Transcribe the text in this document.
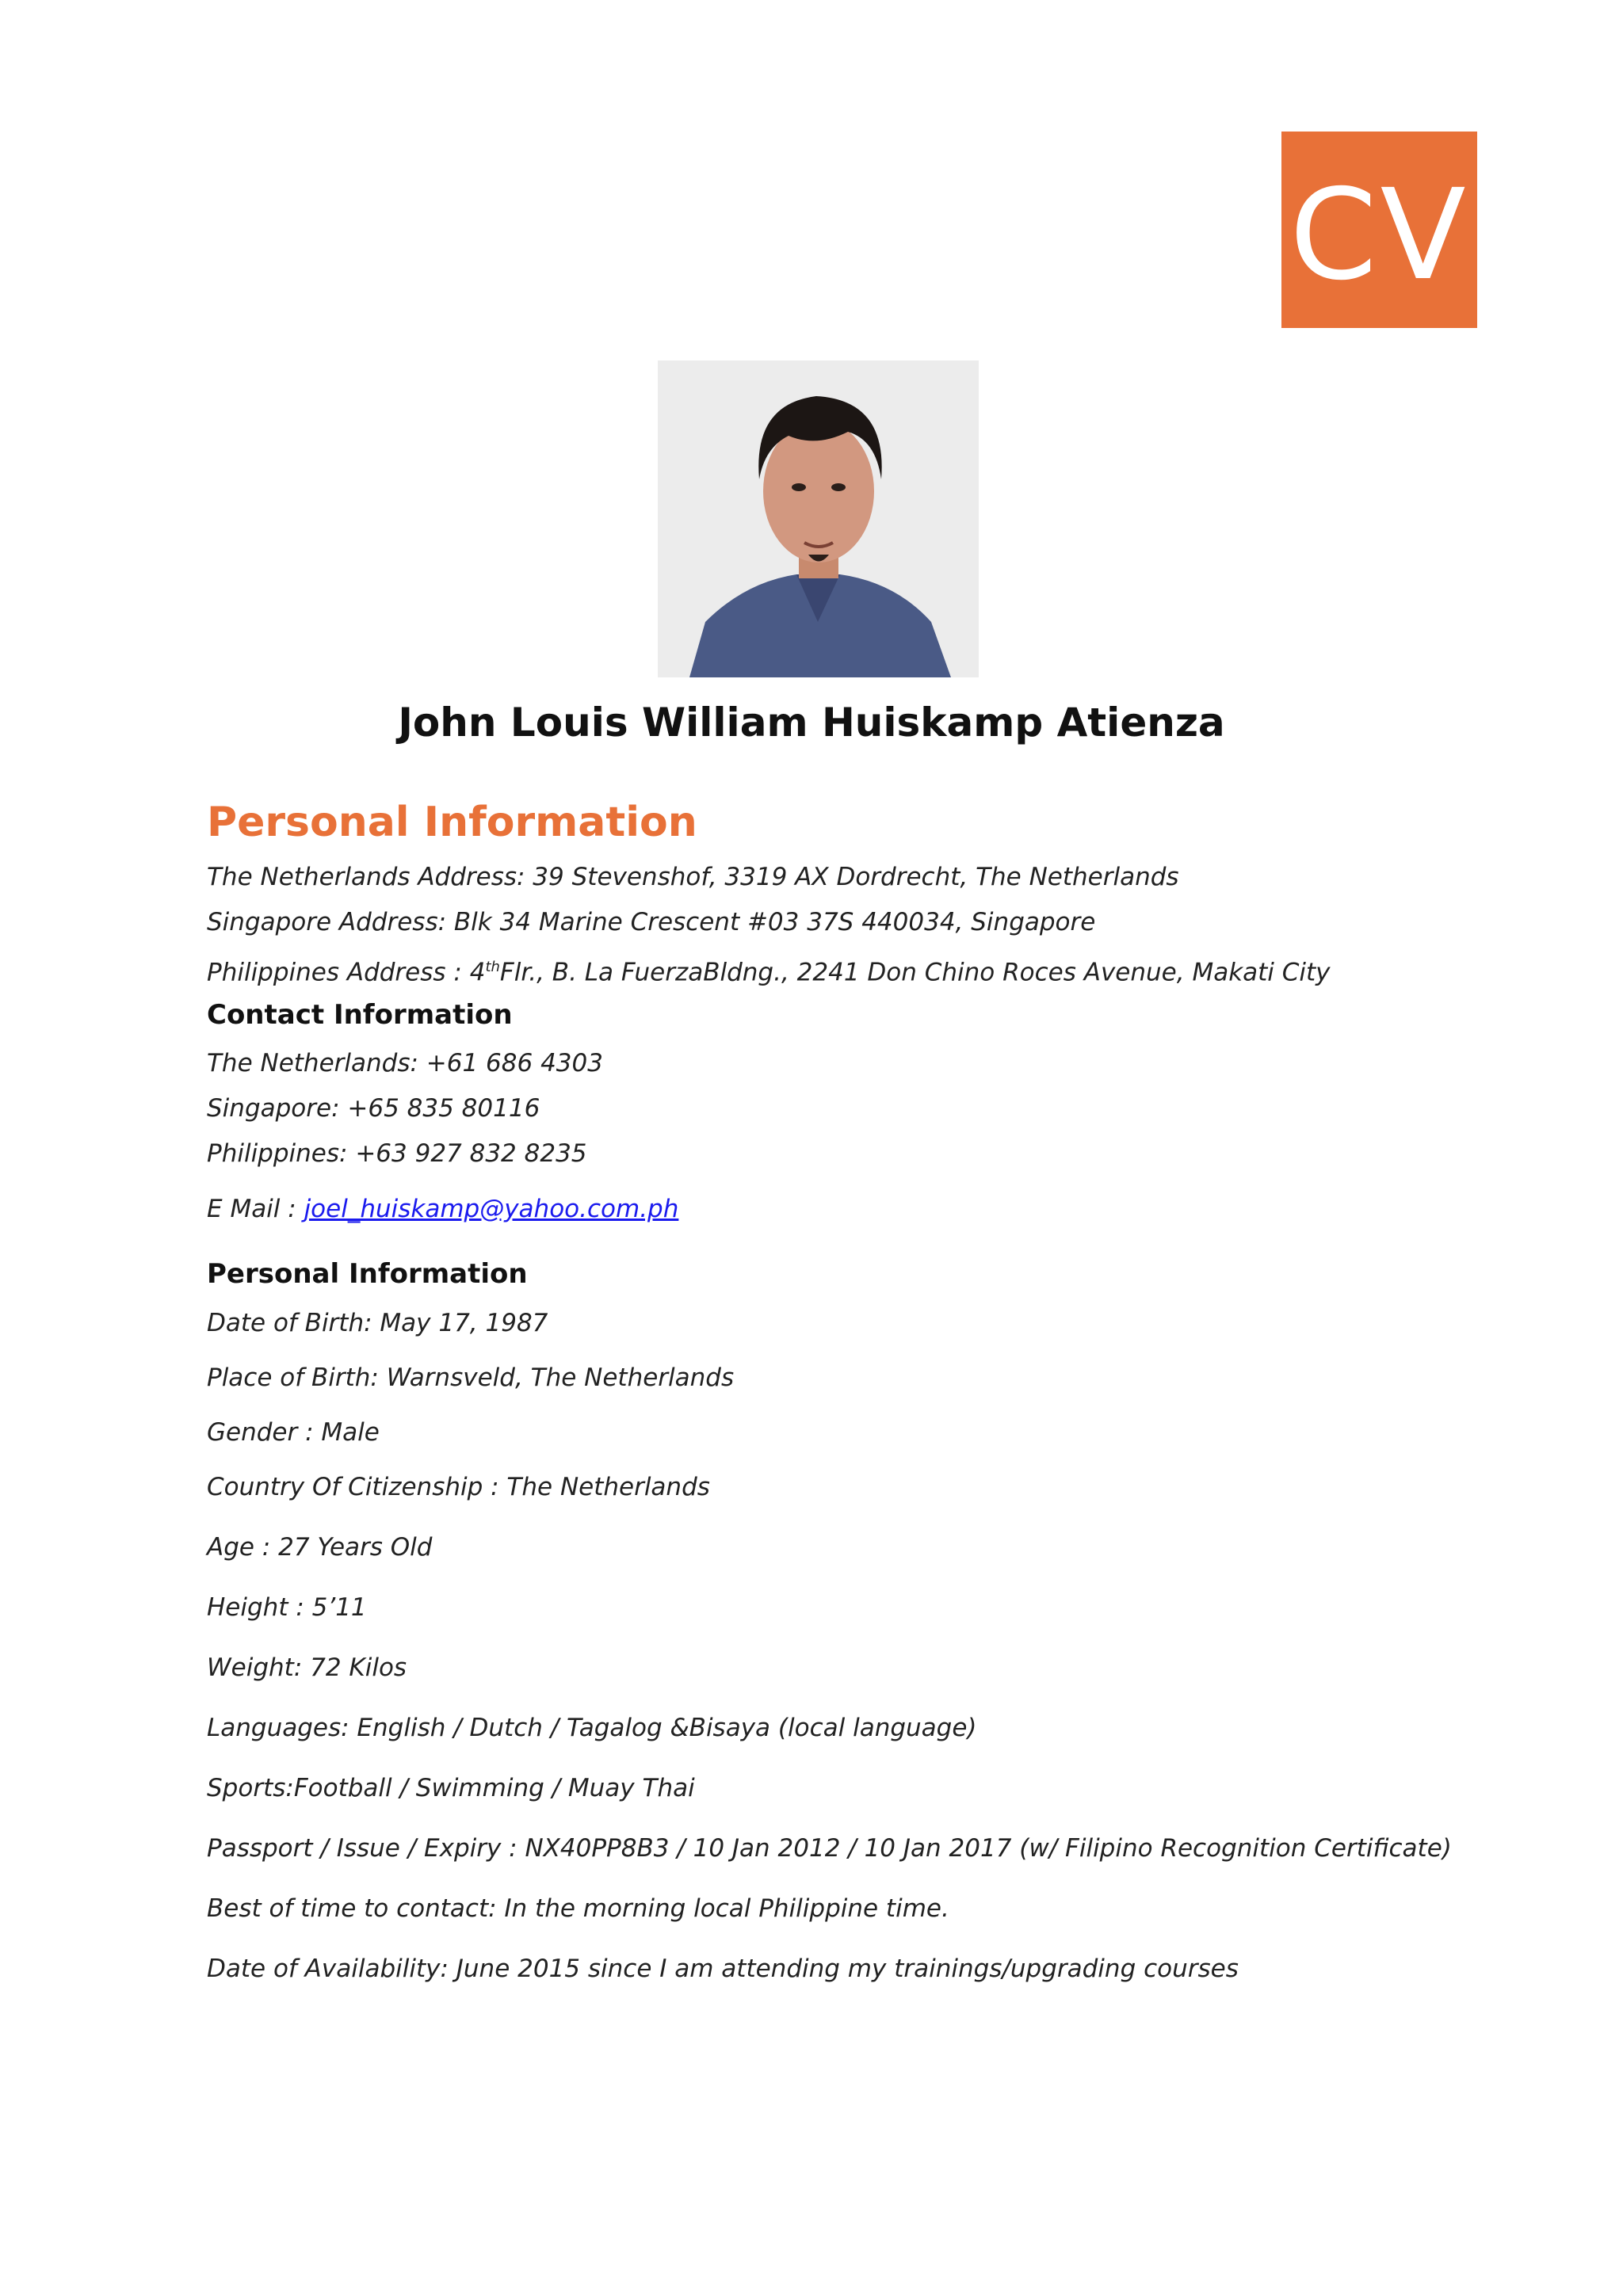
CV
John Louis William Huiskamp Atienza
Personal Information

The Netherlands Address: 39 Stevenshof, 3319 AX Dordrecht, The Netherlands

Singapore Address: Blk 34 Marine Crescent #03 37S 440034, Singapore

Philippines Address : 4thFlr., B. La FuerzaBldng., 2241 Don Chino Roces Avenue, Makati City

Contact Information

The Netherlands: +61 686 4303

Singapore: +65 835 80116

Philippines: +63 927 832 8235

E Mail : joel_huiskamp@yahoo.com.ph

Personal Information

Date of Birth: May 17, 1987

Place of Birth: Warnsveld, The Netherlands

Gender : Male

Country Of Citizenship : The Netherlands

Age : 27 Years Old

Height : 5’11

Weight: 72 Kilos

Languages: English / Dutch / Tagalog &Bisaya (local language)

Sports:Football / Swimming / Muay Thai

Passport / Issue / Expiry : NX40PP8B3 / 10 Jan 2012 / 10 Jan 2017 (w/ Filipino Recognition Certificate)

Best of time to contact: In the morning local Philippine time.

Date of Availability: June 2015 since I am attending my trainings/upgrading courses
